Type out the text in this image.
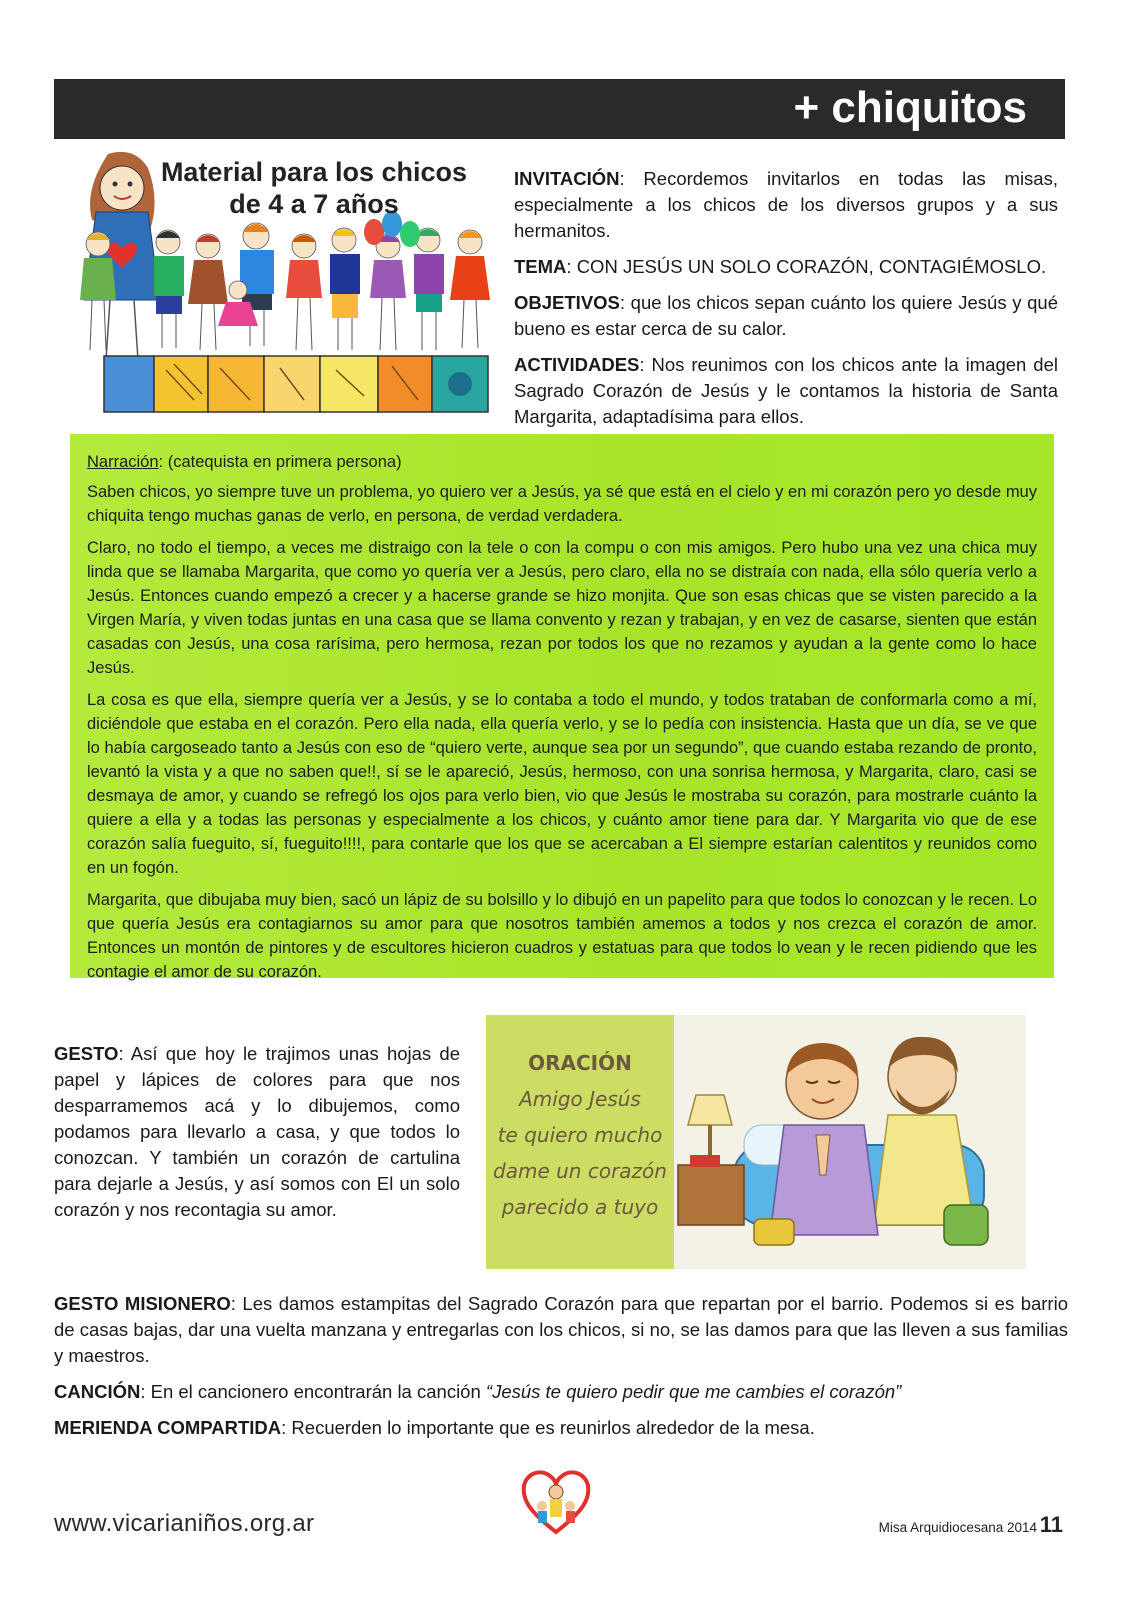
+ chiquitos
Material para los chicos
de 4 a 7 años

INVITACIÓN: Recordemos invitarlos en todas las misas, especialmente a los chicos de los diversos grupos y a sus hermanitos.

TEMA: CON JESÚS UN SOLO CORAZÓN, CONTAGIÉMOSLO.

OBJETIVOS: que los chicos sepan cuánto los quiere Jesús y qué bueno es estar cerca de su calor.

ACTIVIDADES: Nos reunimos con los chicos ante la imagen del Sagrado Corazón de Jesús y le contamos la historia de Santa Margarita, adaptadísima para ellos.

Narración: (catequista en primera persona)

Saben chicos, yo siempre tuve un problema, yo quiero ver a Jesús, ya sé que está en el cielo y en mi corazón pero yo desde muy chiquita tengo muchas ganas de verlo, en persona, de verdad verdadera.

Claro, no todo el tiempo, a veces me distraigo con la tele o con la compu o con mis amigos. Pero hubo una vez una chica muy linda que se llamaba Margarita, que como yo quería ver a Jesús, pero claro, ella no se distraía con nada, ella sólo quería verlo a Jesús. Entonces cuando empezó a crecer y a hacerse grande se hizo monjita. Que son esas chicas que se visten parecido a la Virgen María, y viven todas juntas en una casa que se llama convento y rezan y trabajan, y en vez de casarse, sienten que están casadas con Jesús, una cosa rarísima, pero hermosa, rezan por todos los que no rezamos y ayudan a la gente como lo hace Jesús.

La cosa es que ella, siempre quería ver a Jesús, y se lo contaba a todo el mundo, y todos trataban de conformarla como a mí, diciéndole que estaba en el corazón. Pero ella nada, ella quería verlo, y se lo pedía con insistencia. Hasta que un día, se ve que lo había cargoseado tanto a Jesús con eso de “quiero verte, aunque sea por un segundo”, que cuando estaba rezando de pronto, levantó la vista y a que no saben que!!, sí se le apareció, Jesús, hermoso, con una sonrisa hermosa, y Margarita, claro, casi se desmaya de amor, y cuando se refregó los ojos para verlo bien, vio que Jesús le mostraba su corazón, para mostrarle cuánto la quiere a ella y a todas las personas y especialmente a los chicos, y cuánto amor tiene para dar. Y Margarita vio que de ese corazón salía fueguito, sí, fueguito!!!!, para contarle que los que se acercaban a El siempre estarían calentitos y reunidos como en un fogón.

Margarita, que dibujaba muy bien, sacó un lápiz de su bolsillo y lo dibujó en un papelito para que todos lo conozcan y le recen. Lo que quería Jesús era contagiarnos su amor para que nosotros también amemos a todos y nos crezca el corazón de amor. Entonces un montón de pintores y de escultores hicieron cuadros y estatuas para que todos lo vean y le recen pidiendo que les contagie el amor de su corazón.

GESTO: Así que hoy le trajimos unas hojas de papel y lápices de colores para que nos desparramemos acá y lo dibujemos, como podamos para llevarlo a casa, y que todos lo conozcan. Y también un corazón de cartulina para dejarle a Jesús, y así somos con El un solo corazón y nos recontagia su amor.

ORACIÓN
Amigo Jesús
te quiero mucho
dame un corazón
parecido a tuyo

GESTO MISIONERO: Les damos estampitas del Sagrado Corazón para que repartan por el barrio. Podemos si es barrio de casas bajas, dar una vuelta manzana y entregarlas con los chicos, si no, se las damos para que las lleven a sus familias y maestros.

CANCIÓN: En el cancionero encontrarán la canción “Jesús te quiero pedir que me cambies el corazón”

MERIENDA COMPARTIDA: Recuerden lo importante que es reunirlos alrededor de la mesa.

www.vicarianiños.org.ar	Misa Arquidiocesana 2014 11
